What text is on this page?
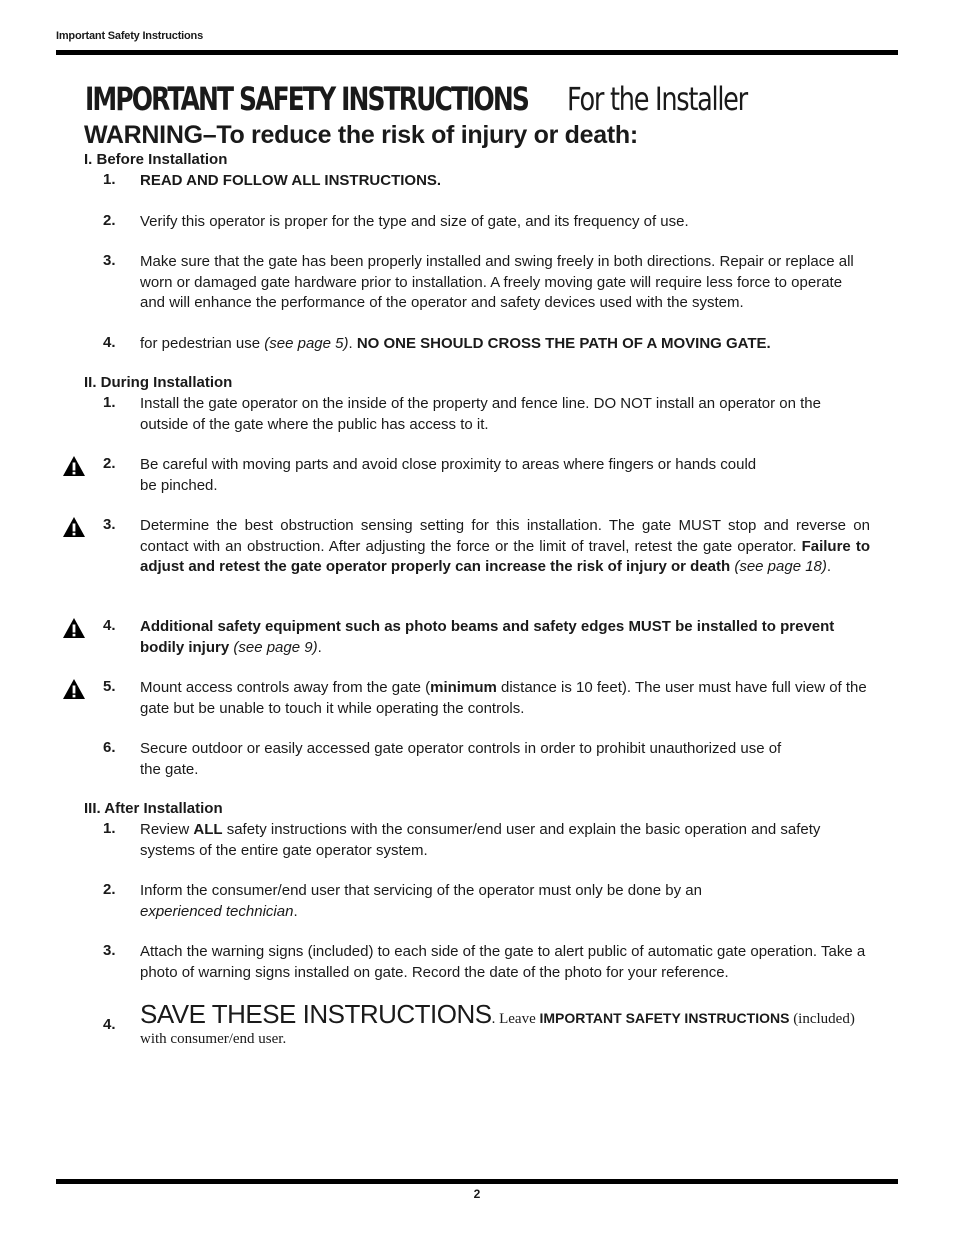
Important Safety Instructions
IMPORTANT SAFETY INSTRUCTIONS For the Installer
WARNING–To reduce the risk of injury or death:
I. Before Installation
1. READ AND FOLLOW ALL INSTRUCTIONS.
2. Verify this operator is proper for the type and size of gate, and its frequency of use.
3. Make sure that the gate has been properly installed and swing freely in both directions. Repair or replace all worn or damaged gate hardware prior to installation. A freely moving gate will require less force to operate and will enhance the performance of the operator and safety devices used with the system.
4. for pedestrian use (see page 5). NO ONE SHOULD CROSS THE PATH OF A MOVING GATE.
II. During Installation
1. Install the gate operator on the inside of the property and fence line. DO NOT install an operator on the outside of the gate where the public has access to it.
2. Be careful with moving parts and avoid close proximity to areas where fingers or hands could
be pinched.
3. Determine the best obstruction sensing setting for this installation. The gate MUST stop and reverse on contact with an obstruction. After adjusting the force or the limit of travel, retest the gate operator. Failure to adjust and retest the gate operator properly can increase the risk of injury or death (see page 18).
4. Additional safety equipment such as photo beams and safety edges MUST be installed to prevent bodily injury (see page 9).
5. Mount access controls away from the gate (minimum distance is 10 feet). The user must have full view of the gate but be unable to touch it while operating the controls.
6. Secure outdoor or easily accessed gate operator controls in order to prohibit unauthorized use of
the gate.
III. After Installation
1. Review ALL safety instructions with the consumer/end user and explain the basic operation and safety systems of the entire gate operator system.
2. Inform the consumer/end user that servicing of the operator must only be done by an
experienced technician.
3. Attach the warning signs (included) to each side of the gate to alert public of automatic gate operation. Take a photo of warning signs installed on gate. Record the date of the photo for your reference.
4. SAVE THESE INSTRUCTIONS. Leave IMPORTANT SAFETY INSTRUCTIONS (included)
with consumer/end user.
2
